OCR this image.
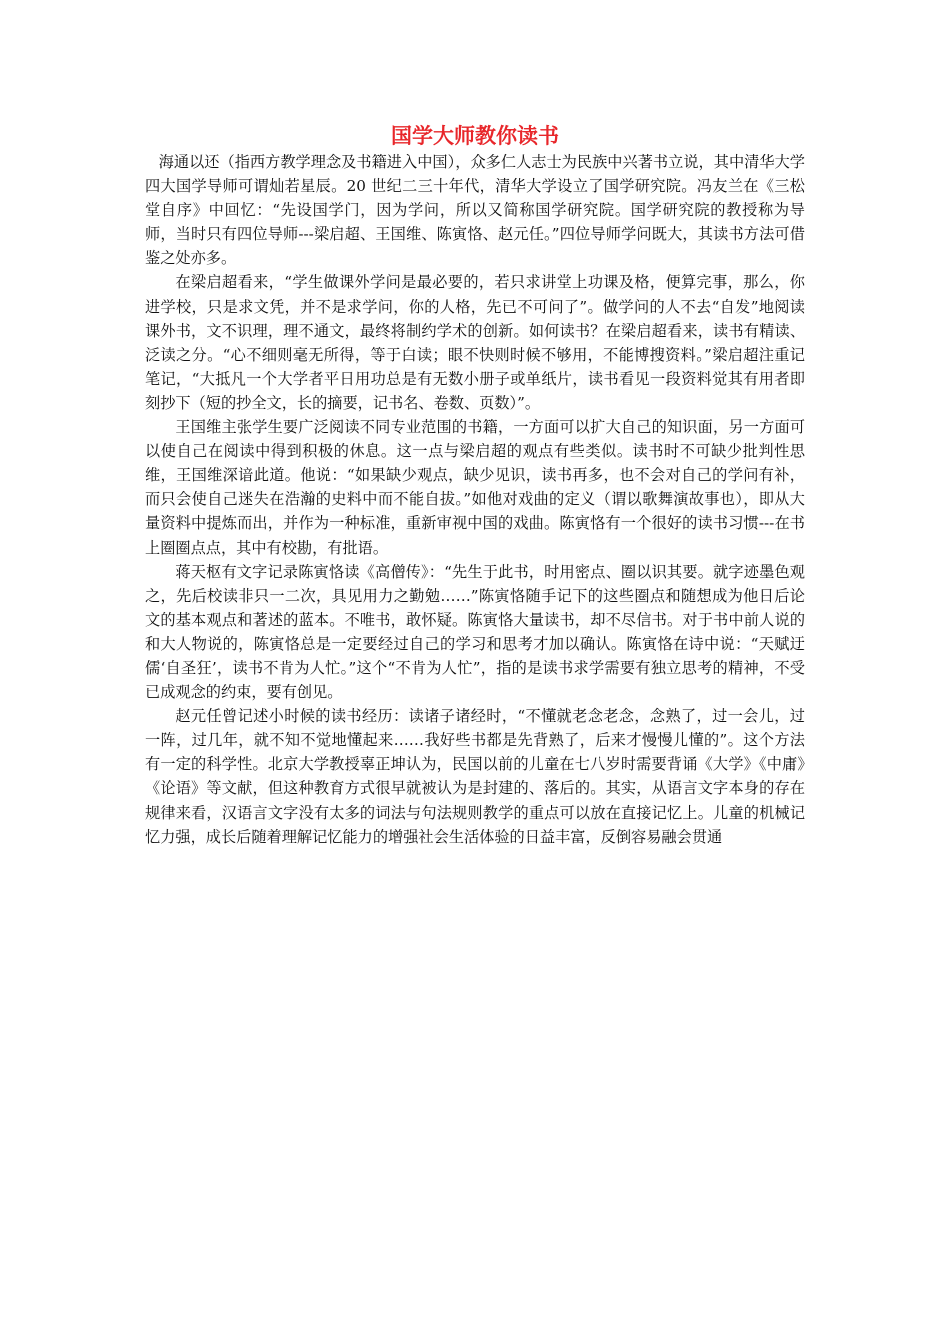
国学大师教你读书

海通以还（指西方教学理念及书籍进入中国），众多仁人志士为民族中兴著书立说，其中清华大学四大国学导师可谓灿若星辰。20 世纪二三十年代，清华大学设立了国学研究院。冯友兰在《三松堂自序》中回忆：“先设国学门，因为学问，所以又简称国学研究院。国学研究院的教授称为导师，当时只有四位导师---梁启超、王国维、陈寅恪、赵元任。”四位导师学问既大，其读书方法可借鉴之处亦多。

在梁启超看来，“学生做课外学问是最必要的，若只求讲堂上功课及格，便算完事，那么，你进学校，只是求文凭，并不是求学问，你的人格，先已不可问了”。做学问的人不去“自发”地阅读课外书，文不识理，理不通文，最终将制约学术的创新。如何读书？在梁启超看来，读书有精读、泛读之分。“心不细则毫无所得，等于白读；眼不快则时候不够用，不能博搜资料。”梁启超注重记笔记，“大抵凡一个大学者平日用功总是有无数小册子或单纸片，读书看见一段资料觉其有用者即刻抄下（短的抄全文，长的摘要，记书名、卷数、页数）”。

王国维主张学生要广泛阅读不同专业范围的书籍，一方面可以扩大自己的知识面，另一方面可以使自己在阅读中得到积极的休息。这一点与梁启超的观点有些类似。读书时不可缺少批判性思维，王国维深谙此道。他说：“如果缺少观点，缺少见识，读书再多，也不会对自己的学问有补，而只会使自己迷失在浩瀚的史料中而不能自拔。”如他对戏曲的定义（谓以歌舞演故事也），即从大量资料中提炼而出，并作为一种标准，重新审视中国的戏曲。陈寅恪有一个很好的读书习惯---在书上圈圈点点，其中有校勘，有批语。

蒋天枢有文字记录陈寅恪读《高僧传》：“先生于此书，时用密点、圈以识其要。就字迹墨色观之，先后校读非只一二次，具见用力之勤勉……”陈寅恪随手记下的这些圈点和随想成为他日后论文的基本观点和著述的蓝本。不唯书，敢怀疑。陈寅恪大量读书，却不尽信书。对于书中前人说的和大人物说的，陈寅恪总是一定要经过自己的学习和思考才加以确认。陈寅恪在诗中说：“天赋迂儒‘自圣狂’，读书不肯为人忙。”这个“不肯为人忙”，指的是读书求学需要有独立思考的精神，不受已成观念的约束，要有创见。

赵元任曾记述小时候的读书经历：读诸子诸经时，“不懂就老念老念，念熟了，过一会儿，过一阵，过几年，就不知不觉地懂起来……我好些书都是先背熟了，后来才慢慢儿懂的”。这个方法有一定的科学性。北京大学教授辜正坤认为，民国以前的儿童在七八岁时需要背诵《大学》《中庸》《论语》等文献，但这种教育方式很早就被认为是封建的、落后的。其实，从语言文字本身的存在规律来看，汉语言文字没有太多的词法与句法规则教学的重点可以放在直接记忆上。儿童的机械记忆力强，成长后随着理解记忆能力的增强社会生活体验的日益丰富，反倒容易融会贯通
